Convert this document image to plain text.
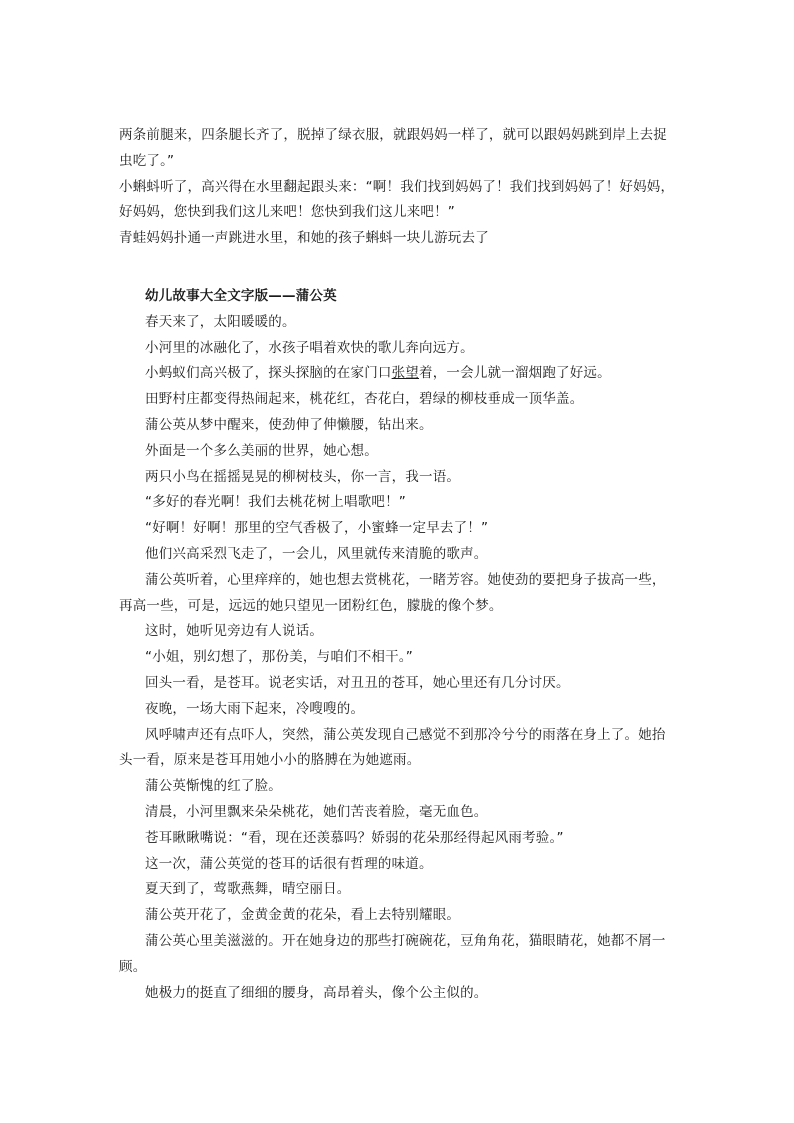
两条前腿来，四条腿长齐了，脱掉了绿衣服，就跟妈妈一样了，就可以跟妈妈跳到岸上去捉
虫吃了。”
小蝌蚪听了，高兴得在水里翻起跟头来：“啊！我们找到妈妈了！我们找到妈妈了！好妈妈，
好妈妈，您快到我们这儿来吧！您快到我们这儿来吧！”
青蛙妈妈扑通一声跳进水里，和她的孩子蝌蚪一块儿游玩去了
幼儿故事大全文字版——蒲公英
春天来了，太阳暖暖的。
小河里的冰融化了，水孩子唱着欢快的歌儿奔向远方。
小蚂蚁们高兴极了，探头探脑的在家门口张望着，一会儿就一溜烟跑了好远。
田野村庄都变得热闹起来，桃花红，杏花白，碧绿的柳枝垂成一顶华盖。
蒲公英从梦中醒来，使劲伸了伸懒腰，钻出来。
外面是一个多么美丽的世界，她心想。
两只小鸟在摇摇晃晃的柳树枝头，你一言，我一语。
“多好的春光啊！我们去桃花树上唱歌吧！”
“好啊！好啊！那里的空气香极了，小蜜蜂一定早去了！”
他们兴高采烈飞走了，一会儿，风里就传来清脆的歌声。
蒲公英听着，心里痒痒的，她也想去赏桃花，一睹芳容。她使劲的要把身子拔高一些，
再高一些，可是，远远的她只望见一团粉红色，朦胧的像个梦。
这时，她听见旁边有人说话。
“小姐，别幻想了，那份美，与咱们不相干。”
回头一看，是苍耳。说老实话，对丑丑的苍耳，她心里还有几分讨厌。
夜晚，一场大雨下起来，冷嗖嗖的。
风呼啸声还有点吓人，突然，蒲公英发现自己感觉不到那冷兮兮的雨落在身上了。她抬
头一看，原来是苍耳用她小小的胳膊在为她遮雨。
蒲公英惭愧的红了脸。
清晨，小河里飘来朵朵桃花，她们苦丧着脸，毫无血色。
苍耳瞅瞅嘴说：“看，现在还羡慕吗？娇弱的花朵那经得起风雨考验。”
这一次，蒲公英觉的苍耳的话很有哲理的味道。
夏天到了，莺歌燕舞，晴空丽日。
蒲公英开花了，金黄金黄的花朵，看上去特别耀眼。
蒲公英心里美滋滋的。开在她身边的那些打碗碗花，豆角角花，猫眼睛花，她都不屑一
顾。
她极力的挺直了细细的腰身，高昂着头，像个公主似的。
